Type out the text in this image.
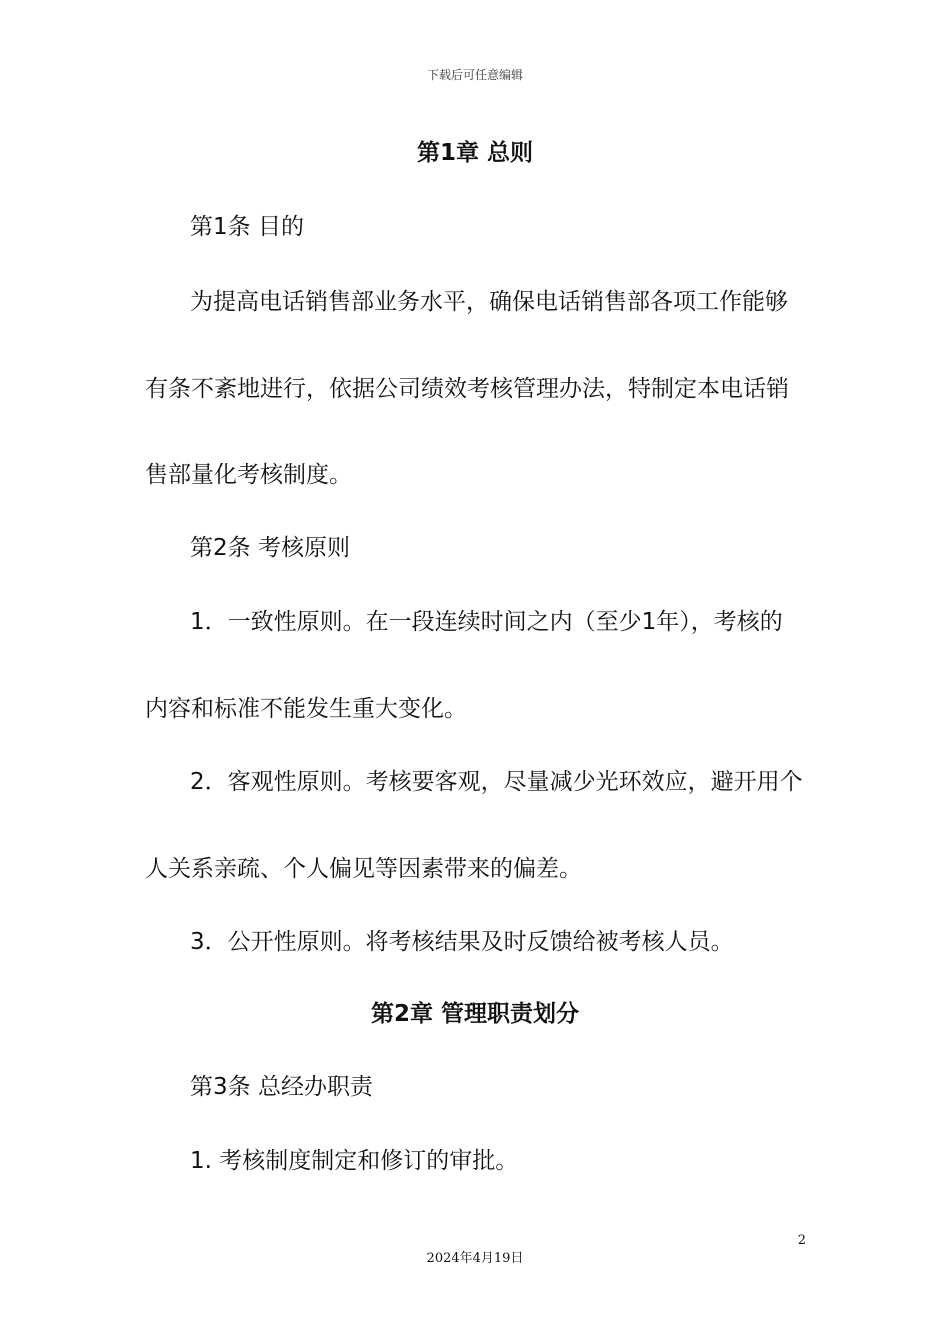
下载后可任意编辑
第1章 总则
第1条 目的
为提高电话销售部业务水平，确保电话销售部各项工作能够
有条不紊地进行，依据公司绩效考核管理办法，特制定本电话销
售部量化考核制度。
第2条 考核原则
1．一致性原则。在一段连续时间之内（至少1年），考核的
内容和标准不能发生重大变化。
2．客观性原则。考核要客观，尽量减少光环效应，避开用个
人关系亲疏、个人偏见等因素带来的偏差。
3．公开性原则。将考核结果及时反馈给被考核人员。
第2章 管理职责划分
第3条 总经办职责
1. 考核制度制定和修订的审批。
2
2024年4月19日
